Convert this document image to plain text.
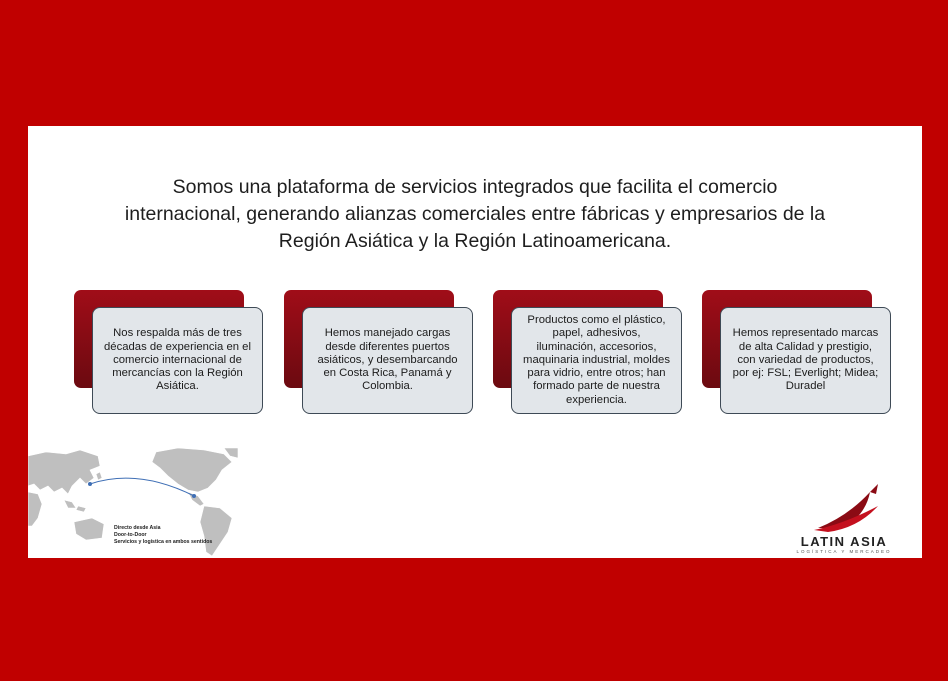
Somos una plataforma de servicios integrados que facilita el comercio
internacional, generando alianzas comerciales entre fábricas y empresarios de la
Región Asiática y la Región Latinoamericana.
Nos respalda más de tres décadas de experiencia en el comercio internacional de mercancías con la Región Asiática.
Hemos manejado cargas desde diferentes puertos asiáticos, y desembarcando en Costa Rica, Panamá y Colombia.
Productos como el plástico, papel, adhesivos, iluminación, accesorios, maquinaria industrial, moldes para vidrio, entre otros; han formado parte de nuestra experiencia.
Hemos representado marcas de alta Calidad y prestigio, con variedad de productos, por ej: FSL; Everlight; Midea; Duradel
Directo desde Asia
Door-to-Door
Servicios y logística en ambos sentidos	LATIN ASIA
LOGÍSTICA Y MERCADEO
